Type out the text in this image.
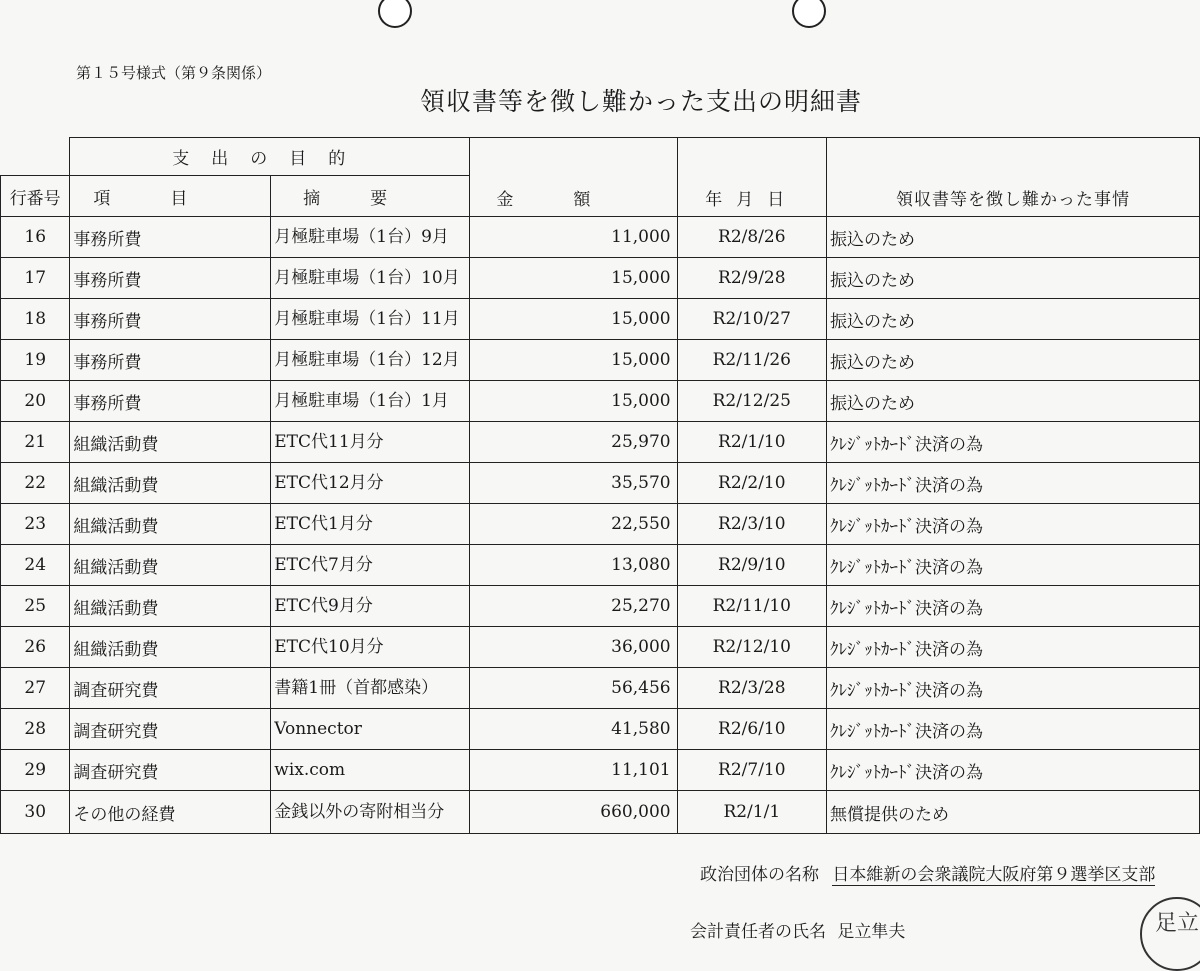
第１５号様式（第９条関係）
領収書等を徴し難かった支出の明細書
	支出の目的		金額	年月日	領収書等を徴し難かった事情
行番号	項目	摘要			
16	事務所費	月極駐車場（1台）9月	11,000	R2/8/26	振込のため
17	事務所費	月極駐車場（1台）10月	15,000	R2/9/28	振込のため
18	事務所費	月極駐車場（1台）11月	15,000	R2/10/27	振込のため
19	事務所費	月極駐車場（1台）12月	15,000	R2/11/26	振込のため
20	事務所費	月極駐車場（1台）1月	15,000	R2/12/25	振込のため
21	組織活動費	ETC代11月分	25,970	R2/1/10	ｸﾚｼﾞｯﾄｶｰﾄﾞ決済の為
22	組織活動費	ETC代12月分	35,570	R2/2/10	ｸﾚｼﾞｯﾄｶｰﾄﾞ決済の為
23	組織活動費	ETC代1月分	22,550	R2/3/10	ｸﾚｼﾞｯﾄｶｰﾄﾞ決済の為
24	組織活動費	ETC代7月分	13,080	R2/9/10	ｸﾚｼﾞｯﾄｶｰﾄﾞ決済の為
25	組織活動費	ETC代9月分	25,270	R2/11/10	ｸﾚｼﾞｯﾄｶｰﾄﾞ決済の為
26	組織活動費	ETC代10月分	36,000	R2/12/10	ｸﾚｼﾞｯﾄｶｰﾄﾞ決済の為
27	調査研究費	書籍1冊（首都感染）	56,456	R2/3/28	ｸﾚｼﾞｯﾄｶｰﾄﾞ決済の為
28	調査研究費	Vonnector	41,580	R2/6/10	ｸﾚｼﾞｯﾄｶｰﾄﾞ決済の為
29	調査研究費	wix.com	11,101	R2/7/10	ｸﾚｼﾞｯﾄｶｰﾄﾞ決済の為
30	その他の経費	金銭以外の寄附相当分	660,000	R2/1/1	無償提供のため
政治団体の名称 日本維新の会衆議院大阪府第９選挙区支部
会計責任者の氏名 足立隼夫	足立
